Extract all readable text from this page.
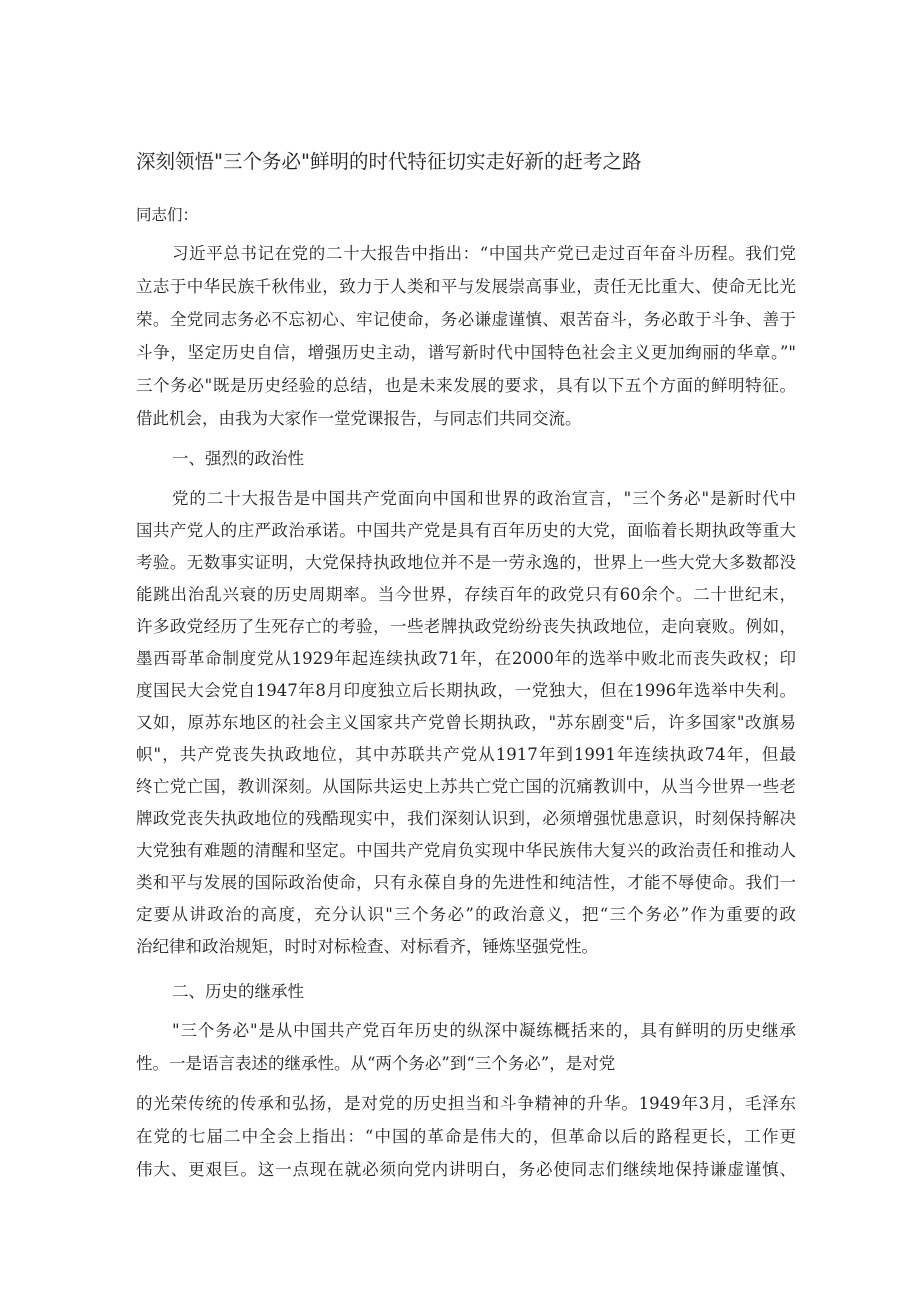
深刻领悟"三个务必"鲜明的时代特征切实走好新的赶考之路
同志们：
习近平总书记在党的二十大报告中指出：“中国共产党已走过百年奋斗历程。我们党
立志于中华民族千秋伟业，致力于人类和平与发展崇高事业，责任无比重大、使命无比光
荣。全党同志务必不忘初心、牢记使命，务必谦虚谨慎、艰苦奋斗，务必敢于斗争、善于
斗争，坚定历史自信，增强历史主动，谱写新时代中国特色社会主义更加绚丽的华章。”"
三个务必"既是历史经验的总结，也是未来发展的要求，具有以下五个方面的鲜明特征。
借此机会，由我为大家作一堂党课报告，与同志们共同交流。
一、强烈的政治性
党的二十大报告是中国共产党面向中国和世界的政治宣言，"三个务必"是新时代中
国共产党人的庄严政治承诺。中国共产党是具有百年历史的大党，面临着长期执政等重大
考验。无数事实证明，大党保持执政地位并不是一劳永逸的，世界上一些大党大多数都没
能跳出治乱兴衰的历史周期率。当今世界，存续百年的政党只有60余个。二十世纪末，
许多政党经历了生死存亡的考验，一些老牌执政党纷纷丧失执政地位，走向衰败。例如，
墨西哥革命制度党从1929年起连续执政71年，在2000年的选举中败北而丧失政权；印
度国民大会党自1947年8月印度独立后长期执政，一党独大，但在1996年选举中失利。
又如，原苏东地区的社会主义国家共产党曾长期执政，"苏东剧变"后，许多国家"改旗易
帜"，共产党丧失执政地位，其中苏联共产党从1917年到1991年连续执政74年，但最
终亡党亡国，教训深刻。从国际共运史上苏共亡党亡国的沉痛教训中，从当今世界一些老
牌政党丧失执政地位的残酷现实中，我们深刻认识到，必须增强忧患意识，时刻保持解决
大党独有难题的清醒和坚定。中国共产党肩负实现中华民族伟大复兴的政治责任和推动人
类和平与发展的国际政治使命，只有永葆自身的先进性和纯洁性，才能不辱使命。我们一
定要从讲政治的高度，充分认识"三个务必”的政治意义，把“三个务必”作为重要的政
治纪律和政治规矩，时时对标检查、对标看齐，锤炼坚强党性。
二、历史的继承性
"三个务必"是从中国共产党百年历史的纵深中凝练概括来的，具有鲜明的历史继承
性。一是语言表述的继承性。从“两个务必”到“三个务必”，是对党
的光荣传统的传承和弘扬，是对党的历史担当和斗争精神的升华。1949年3月，毛泽东
在党的七届二中全会上指出：“中国的革命是伟大的，但革命以后的路程更长，工作更
伟大、更艰巨。这一点现在就必须向党内讲明白，务必使同志们继续地保持谦虚谨慎、
